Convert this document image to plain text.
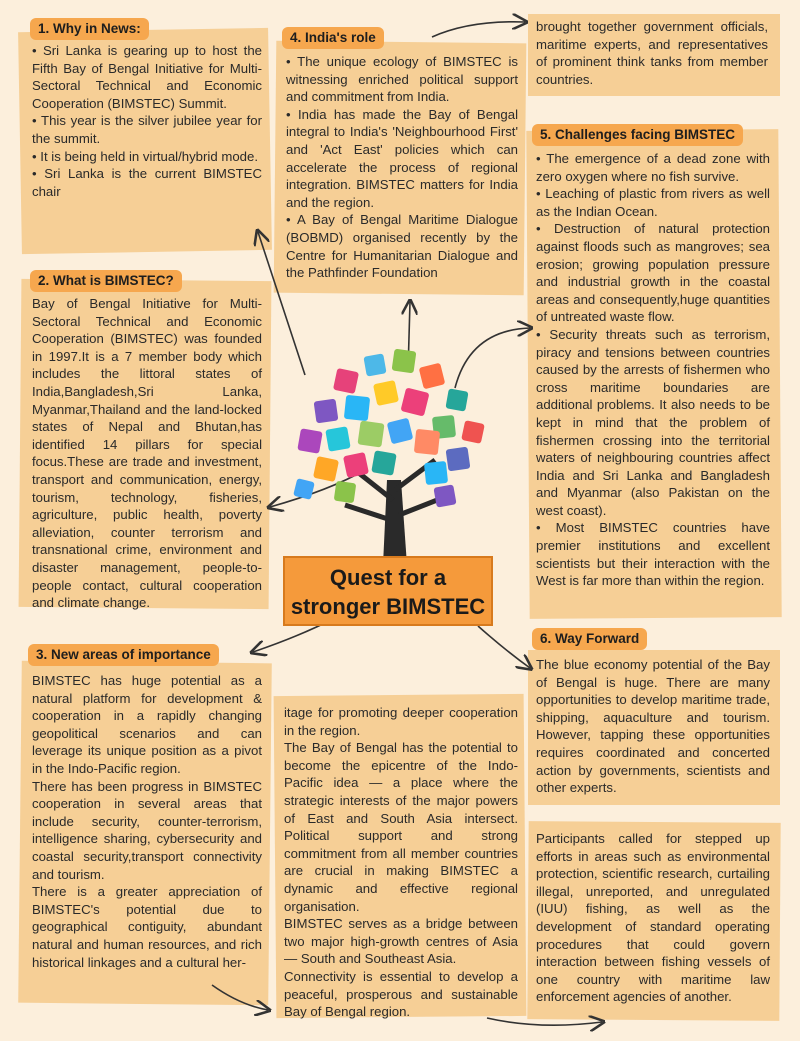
1. Why in News:

• Sri Lanka is gearing up to host the Fifth Bay of Bengal Initiative for Multi-Sectoral Technical and Economic Cooperation (BIMSTEC) Summit.

• This year is the silver jubilee year for the summit.

• It is being held in virtual/hybrid mode.

• Sri Lanka is the current BIMSTEC chair

4. India's role

• The unique ecology of BIMSTEC is witnessing enriched political support and commitment from India.

• India has made the Bay of Bengal integral to India's 'Neighbourhood First' and 'Act East' policies which can accelerate the process of regional integration. BIMSTEC matters for India and the region.

• A Bay of Bengal Maritime Dialogue (BOBMD) organised recently by the Centre for Humanitarian Dialogue and the Pathfinder Foundation

brought together government officials, maritime experts, and representatives of prominent think tanks from member countries.

2. What is BIMSTEC?

Bay of Bengal Initiative for Multi-Sectoral Technical and Economic Cooperation (BIMSTEC) was founded in 1997.It is a 7 member body which includes the littoral states of India,Bangladesh,Sri Lanka, Myanmar,Thailand and the land-locked states of Nepal and Bhutan,has identified 14 pillars for special focus.These are trade and investment, transport and communication, energy, tourism, technology, fisheries, agriculture, public health, poverty alleviation, counter terrorism and transnational crime, environment and disaster management, people-to-people contact, cultural cooperation and climate change.

5. Challenges facing BIMSTEC

• The emergence of a dead zone with zero oxygen where no fish survive.

• Leaching of plastic from rivers as well as the Indian Ocean.

• Destruction of natural protection against floods such as mangroves; sea erosion; growing population pressure and industrial growth in the coastal areas and consequently,huge quantities of untreated waste flow.

• Security threats such as terrorism, piracy and tensions between countries caused by the arrests of fishermen who cross maritime boundaries are additional problems. It also needs to be kept in mind that the problem of fishermen crossing into the territorial waters of neighbouring countries affect India and Sri Lanka and Bangladesh and Myanmar (also Pakistan on the west coast).

• Most BIMSTEC countries have premier institutions and excellent scientists but their interaction with the West is far more than within the region.

Quest for a
stronger BIMSTEC
3. New areas of importance

BIMSTEC has huge potential as a natural platform for development & cooperation in a rapidly changing geopolitical scenarios and can leverage its unique position as a pivot in the Indo-Pacific region.

There has been progress in BIMSTEC cooperation in several areas that include security, counter-terrorism, intelligence sharing, cybersecurity and coastal security,transport connectivity and tourism.

There is a greater appreciation of BIMSTEC's potential due to geographical contiguity, abundant natural and human resources, and rich historical linkages and a cultural her-

itage for promoting deeper cooperation in the region.

The Bay of Bengal has the potential to become the epicentre of the Indo-Pacific idea — a place where the strategic interests of the major powers of East and South Asia intersect. Political support and strong commitment from all member countries are crucial in making BIMSTEC a dynamic and effective regional organisation.

BIMSTEC serves as a bridge between two major high-growth centres of Asia — South and Southeast Asia.

Connectivity is essential to develop a peaceful, prosperous and sustainable Bay of Bengal region.

6. Way Forward

The blue economy potential of the Bay of Bengal is huge. There are many opportunities to develop maritime trade, shipping, aquaculture and tourism. However, tapping these opportunities requires coordinated and concerted action by governments, scientists and other experts.

Participants called for stepped up efforts in areas such as environmental protection, scientific research, curtailing illegal, unreported, and unregulated (IUU) fishing, as well as the development of standard operating procedures that could govern interaction between fishing vessels of one country with maritime law enforcement agencies of another.
